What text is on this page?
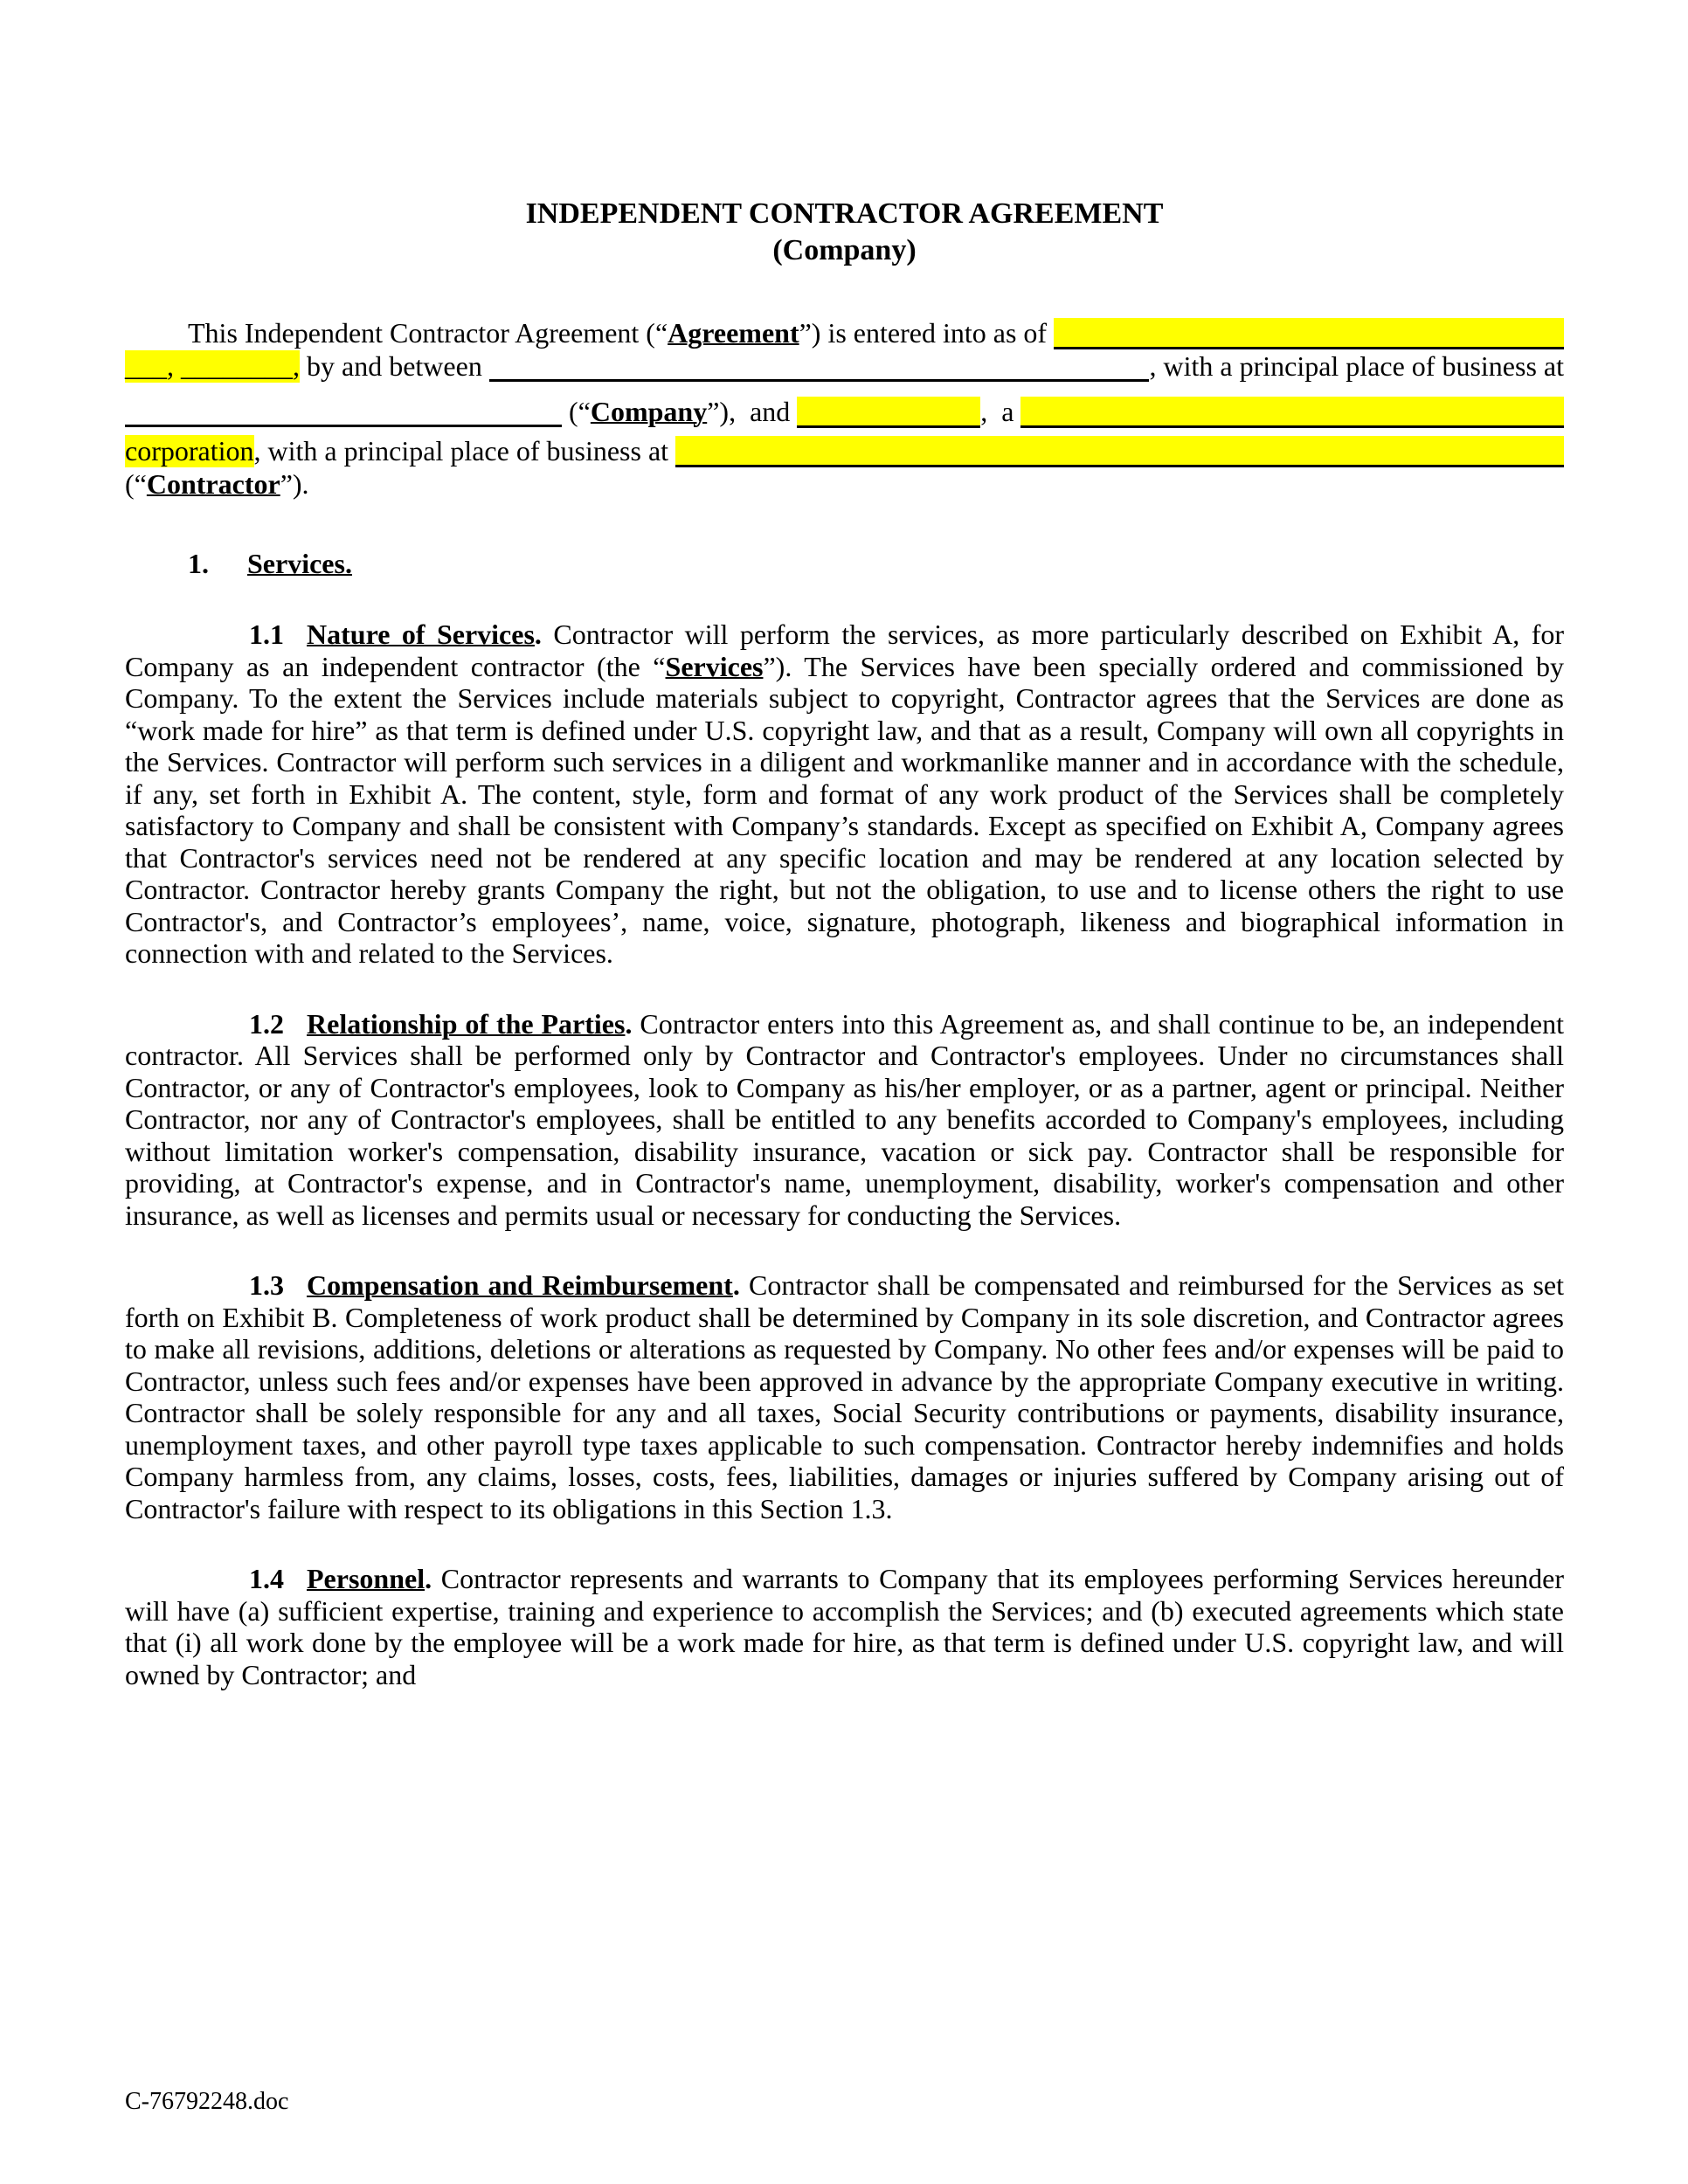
INDEPENDENT CONTRACTOR AGREEMENT
(Company)
This Independent Contractor Agreement (“ Agreement ”) is entered into as of
___, ________, by and between	, with a principal place of business at
(“ Company ”),  and	,  a
corporation , with a principal place of business at
(“ Contractor ”).

1. Services.

1.1 Nature of Services. Contractor will perform the services, as more particularly described on Exhibit A, for Company as an independent contractor (the “Services”). The Services have been specially ordered and commissioned by Company. To the extent the Services include materials subject to copyright, Contractor agrees that the Services are done as “work made for hire” as that term is defined under U.S. copyright law, and that as a result, Company will own all copyrights in the Services. Contractor will perform such services in a diligent and workmanlike manner and in accordance with the schedule, if any, set forth in Exhibit A. The content, style, form and format of any work product of the Services shall be completely satisfactory to Company and shall be consistent with Company’s standards. Except as specified on Exhibit A, Company agrees that Contractor's services need not be rendered at any specific location and may be rendered at any location selected by Contractor. Contractor hereby grants Company the right, but not the obligation, to use and to license others the right to use Contractor's, and Contractor’s employees’, name, voice, signature, photograph, likeness and biographical information in connection with and related to the Services.

1.2 Relationship of the Parties. Contractor enters into this Agreement as, and shall continue to be, an independent contractor. All Services shall be performed only by Contractor and Contractor's employees. Under no circumstances shall Contractor, or any of Contractor's employees, look to Company as his/her employer, or as a partner, agent or principal. Neither Contractor, nor any of Contractor's employees, shall be entitled to any benefits accorded to Company's employees, including without limitation worker's compensation, disability insurance, vacation or sick pay. Contractor shall be responsible for providing, at Contractor's expense, and in Contractor's name, unemployment, disability, worker's compensation and other insurance, as well as licenses and permits usual or necessary for conducting the Services.

1.3 Compensation and Reimbursement. Contractor shall be compensated and reimbursed for the Services as set forth on Exhibit B. Completeness of work product shall be determined by Company in its sole discretion, and Contractor agrees to make all revisions, additions, deletions or alterations as requested by Company. No other fees and/or expenses will be paid to Contractor, unless such fees and/or expenses have been approved in advance by the appropriate Company executive in writing. Contractor shall be solely responsible for any and all taxes, Social Security contributions or payments, disability insurance, unemployment taxes, and other payroll type taxes applicable to such compensation. Contractor hereby indemnifies and holds Company harmless from, any claims, losses, costs, fees, liabilities, damages or injuries suffered by Company arising out of Contractor's failure with respect to its obligations in this Section 1.3.

1.4 Personnel. Contractor represents and warrants to Company that its employees performing Services hereunder will have (a) sufficient expertise, training and experience to accomplish the Services; and (b) executed agreements which state that (i) all work done by the employee will be a work made for hire, as that term is defined under U.S. copyright law, and will owned by Contractor; and

C-76792248.doc
